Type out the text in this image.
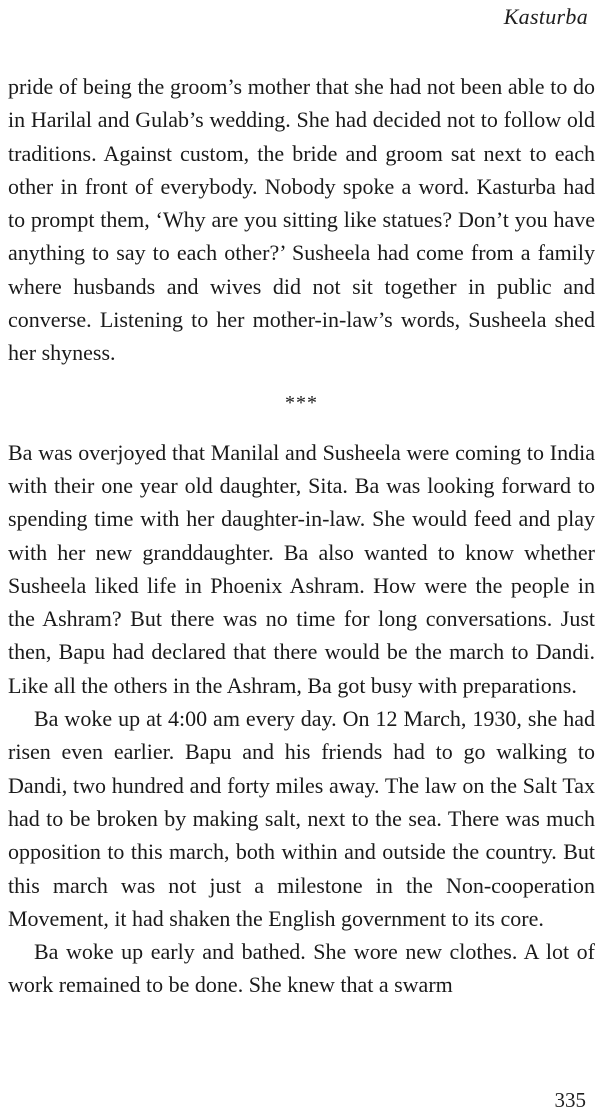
Kasturba

pride of being the groom’s mother that she had not been able to do in Harilal and Gulab’s wedding. She had decided not to follow old traditions. Against custom, the bride and groom sat next to each other in front of everybody. Nobody spoke a word. Kasturba had to prompt them, ‘Why are you sitting like statues? Don’t you have anything to say to each other?’ Susheela had come from a family where husbands and wives did not sit together in public and converse. Listening to her mother-in-law’s words, Susheela shed her shyness.

***

Ba was overjoyed that Manilal and Susheela were coming to India with their one year old daughter, Sita. Ba was looking forward to spending time with her daughter-in-law. She would feed and play with her new granddaughter. Ba also wanted to know whether Susheela liked life in Phoenix Ashram. How were the people in the Ashram? But there was no time for long conversations. Just then, Bapu had declared that there would be the march to Dandi. Like all the others in the Ashram, Ba got busy with preparations.

Ba woke up at 4:00 am every day. On 12 March, 1930, she had risen even earlier. Bapu and his friends had to go walking to Dandi, two hundred and forty miles away. The law on the Salt Tax had to be broken by making salt, next to the sea. There was much opposition to this march, both within and outside the country. But this march was not just a milestone in the Non-cooperation Movement, it had shaken the English government to its core.

Ba woke up early and bathed. She wore new clothes. A lot of work remained to be done. She knew that a swarm

335
